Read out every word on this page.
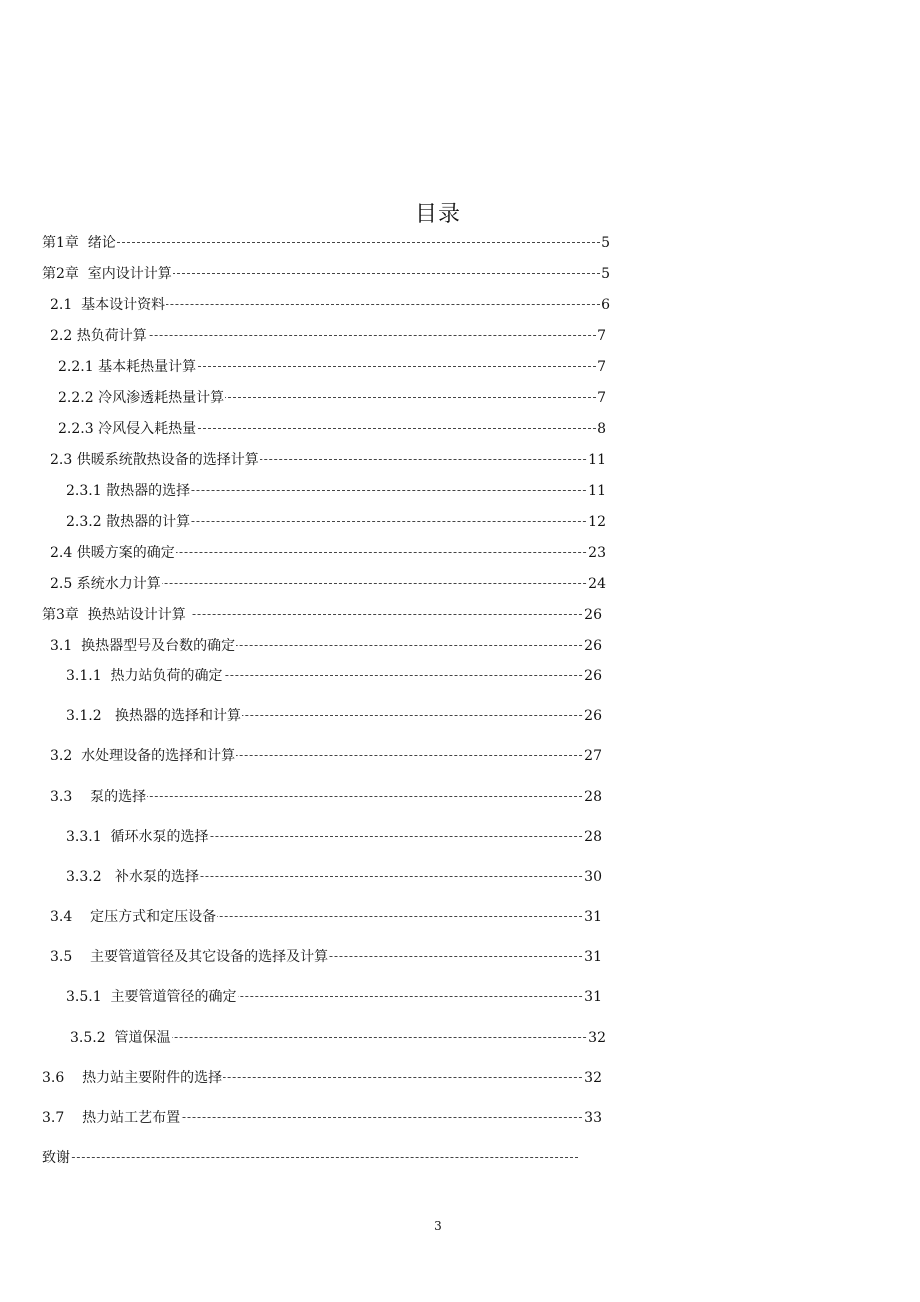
目录
第1章  绪论	5
第2章  室内设计计算	5
2.1  基本设计资料	6
2.2 热负荷计算	7
2.2.1 基本耗热量计算	7
2.2.2 冷风渗透耗热量计算	7
2.2.3 冷风侵入耗热量	8
2.3 供暖系统散热设备的选择计算	11
2.3.1 散热器的选择	11
2.3.2 散热器的计算	12
2.4 供暖方案的确定	23
2.5 系统水力计算	24
第3章  换热站设计计算	26
3.1  换热器型号及台数的确定	26
3.1.1  热力站负荷的确定	26
3.1.2   换热器的选择和计算	26
3.2  水处理设备的选择和计算	27
3.3    泵的选择	28
3.3.1  循环水泵的选择	28
3.3.2   补水泵的选择	30
3.4    定压方式和定压设备	31
3.5    主要管道管径及其它设备的选择及计算	31
3.5.1  主要管道管径的确定	31
3.5.2  管道保温	32
3.6    热力站主要附件的选择	32
3.7    热力站工艺布置	33
致谢
3
